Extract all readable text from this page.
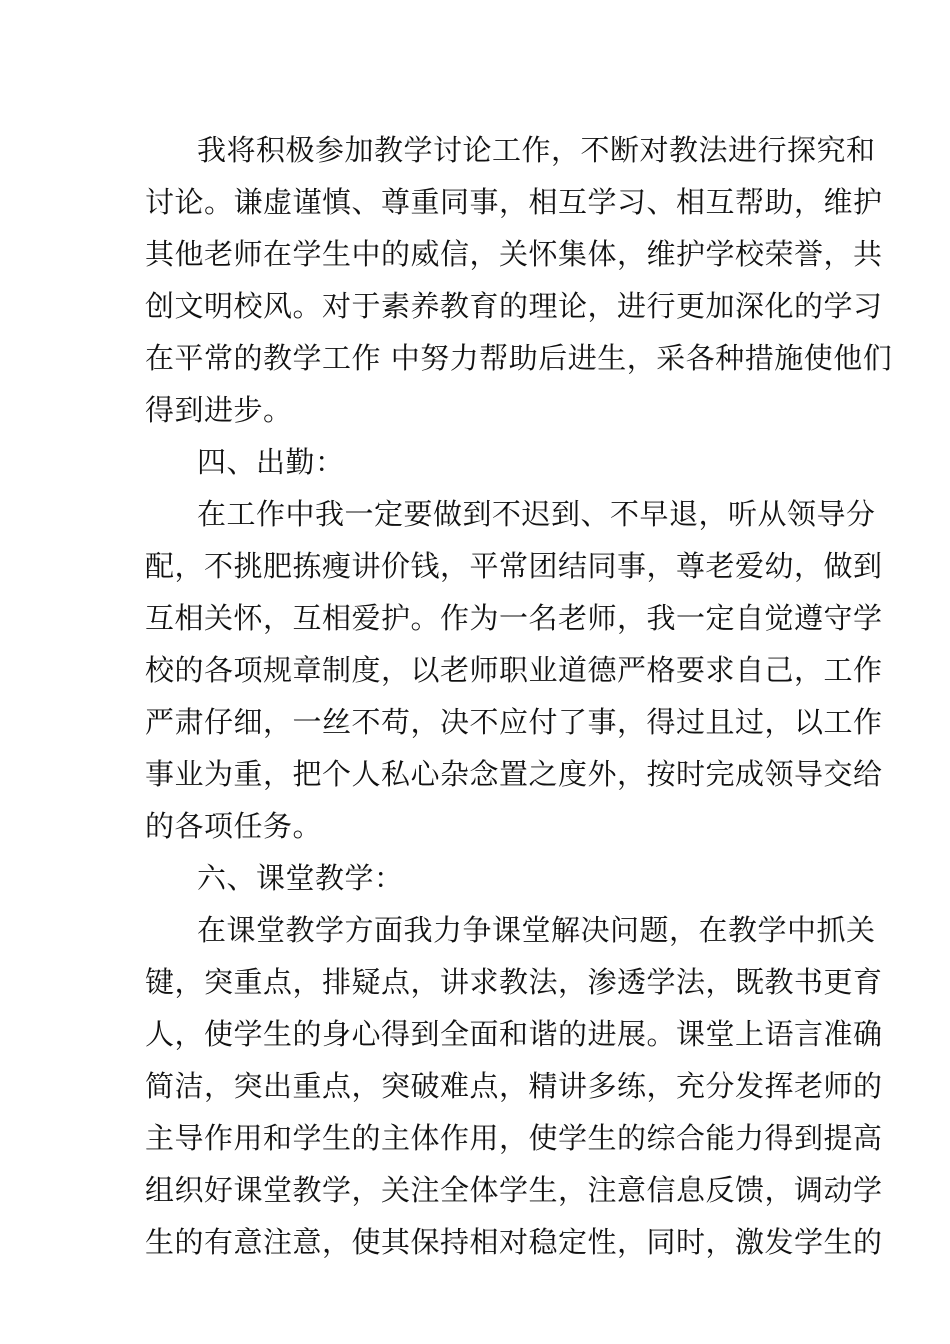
我将积极参加教学讨论工作，不断对教法进行探究和
讨论。谦虚谨慎、尊重同事，相互学习、相互帮助，维护
其他老师在学生中的威信，关怀集体，维护学校荣誉，共
创文明校风。对于素养教育的理论，进行更加深化的学习
在平常的教学工作 中努力帮助后进生，采各种措施使他们
得到进步。
四、出勤：
在工作中我一定要做到不迟到、不早退，听从领导分
配，不挑肥拣瘦讲价钱，平常团结同事，尊老爱幼，做到
互相关怀，互相爱护。作为一名老师，我一定自觉遵守学
校的各项规章制度，以老师职业道德严格要求自己，工作
严肃仔细，一丝不苟，决不应付了事，得过且过，以工作
事业为重，把个人私心杂念置之度外，按时完成领导交给
的各项任务。
六、课堂教学：
在课堂教学方面我力争课堂解决问题，在教学中抓关
键，突重点，排疑点，讲求教法，渗透学法，既教书更育
人，使学生的身心得到全面和谐的进展。课堂上语言准确
简洁，突出重点，突破难点，精讲多练，充分发挥老师的
主导作用和学生的主体作用，使学生的综合能力得到提高
组织好课堂教学，关注全体学生，注意信息反馈，调动学
生的有意注意，使其保持相对稳定性，同时，激发学生的
